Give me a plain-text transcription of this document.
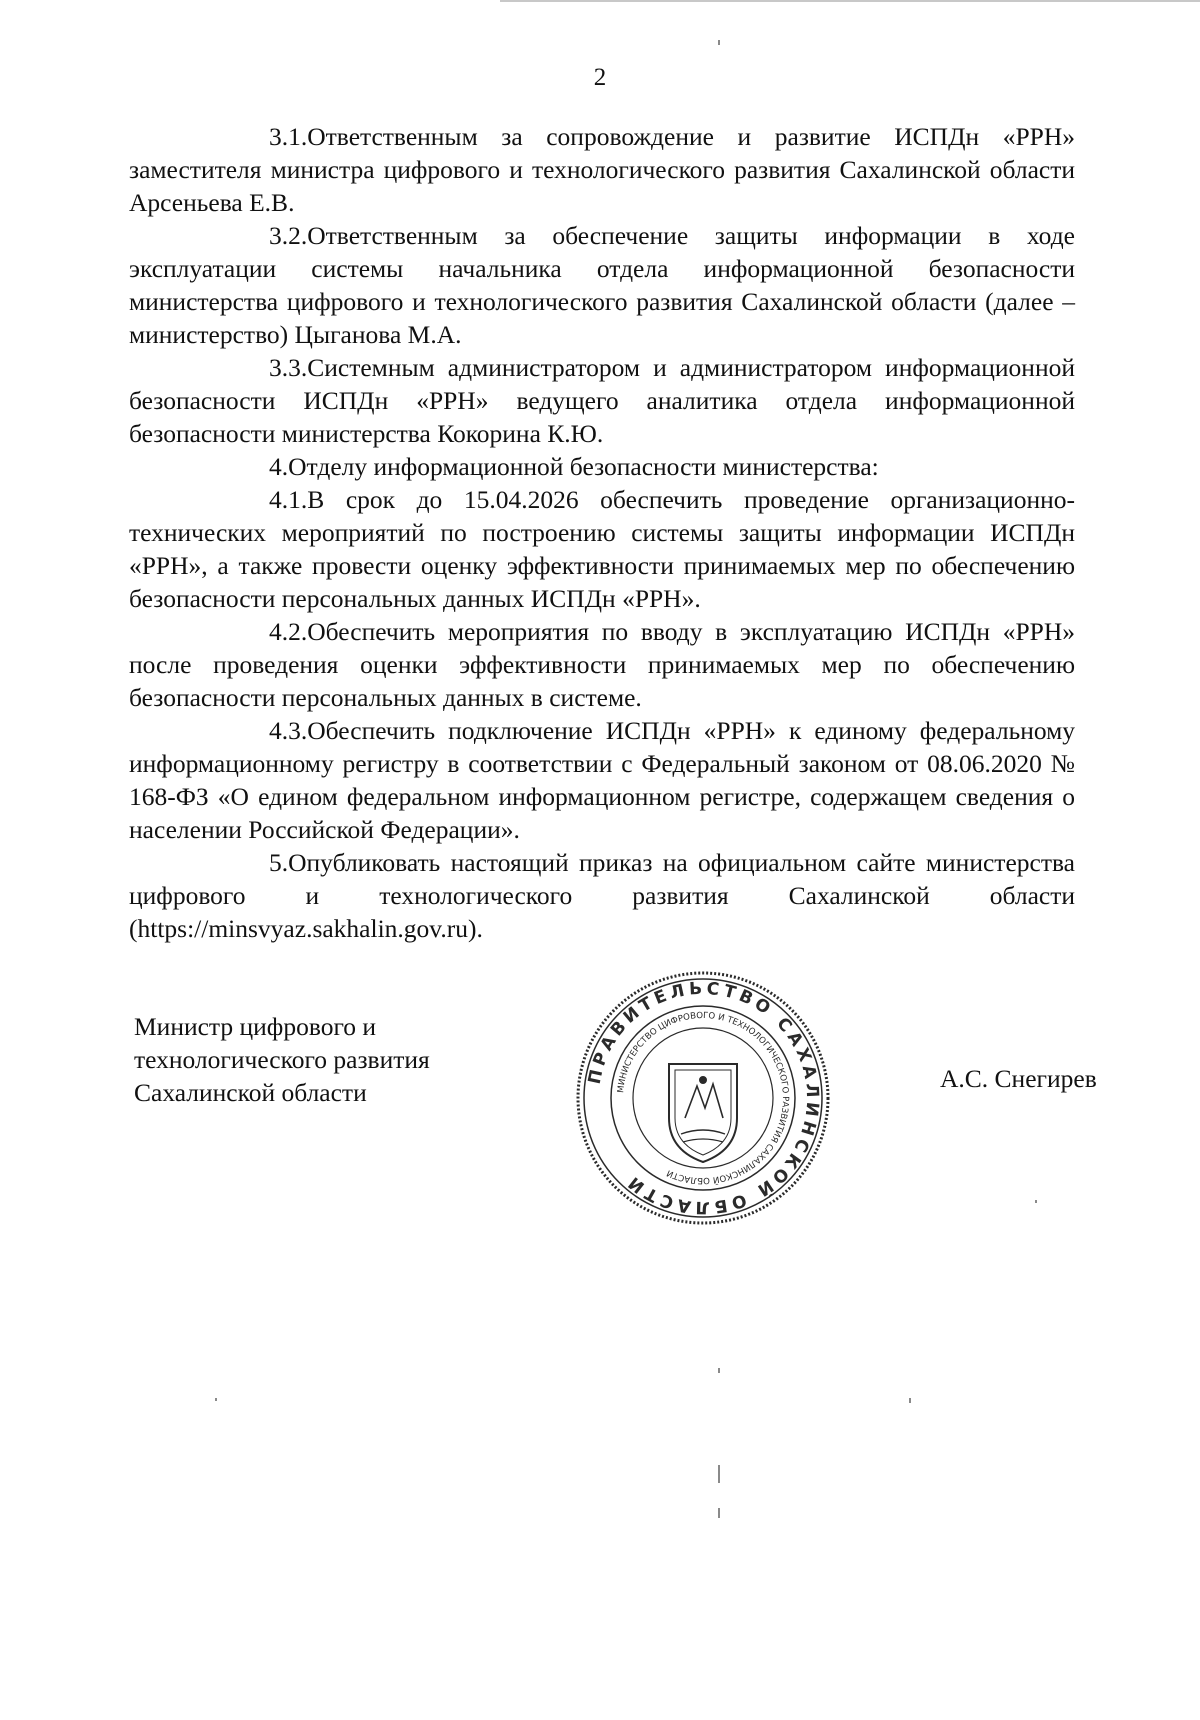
2

3.1.Ответственным за сопровождение и развитие ИСПДн «РРН» заместителя министра цифрового и технологического развития Сахалинской области Арсеньева Е.В.

3.2.Ответственным за обеспечение защиты информации в ходе эксплуатации системы начальника отдела информационной безопасности министерства цифрового и технологического развития Сахалинской области (далее – министерство) Цыганова М.А.

3.3.Системным администратором и администратором информационной безопасности ИСПДн «РРН» ведущего аналитика отдела информационной безопасности министерства Кокорина К.Ю.

4.Отделу информационной безопасности министерства:

4.1.В срок до 15.04.2026 обеспечить проведение организационно-технических мероприятий по построению системы защиты информации ИСПДн «РРН», а также провести оценку эффективности принимаемых мер по обеспечению безопасности персональных данных ИСПДн «РРН».

4.2.Обеспечить мероприятия по вводу в эксплуатацию ИСПДн «РРН» после проведения оценки эффективности принимаемых мер по обеспечению безопасности персональных данных в системе.

4.3.Обеспечить подключение ИСПДн «РРН» к единому федеральному информационному регистру в соответствии с Федеральный законом от 08.06.2020 № 168-ФЗ «О едином федеральном информационном регистре, содержащем сведения о населении Российской Федерации».

5.Опубликовать настоящий приказ на официальном сайте министерства цифрового и технологического развития Сахалинской области (https://minsvyaz.sakhalin.gov.ru).

Министр цифрового и технологического развития Сахалинской области
ПРАВИТЕЛЬСТВО САХАЛИНСКОЙ ОБЛАСТИ
МИНИСТЕРСТВО ЦИФРОВОГО И ТЕХНОЛОГИЧЕСКОГО РАЗВИТИЯ САХАЛИНСКОЙ ОБЛАСТИ
А.С. Снегирев
